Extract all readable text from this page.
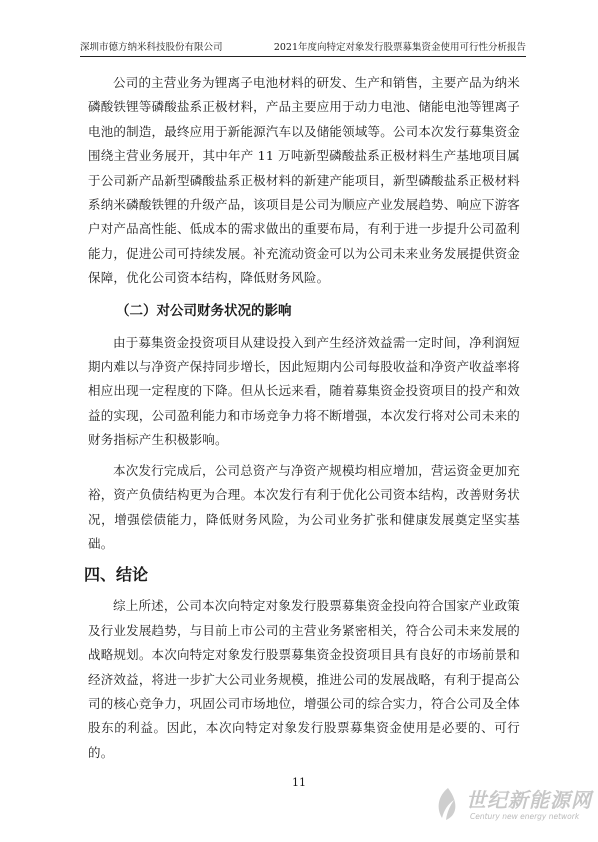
深圳市德方纳米科技股份有限公司	2021年度向特定对象发行股票募集资金使用可行性分析报告

公司的主营业务为锂离子电池材料的研发、生产和销售，主要产品为纳米磷酸铁锂等磷酸盐系正极材料，产品主要应用于动力电池、储能电池等锂离子电池的制造，最终应用于新能源汽车以及储能领域等。公司本次发行募集资金围绕主营业务展开，其中年产 11 万吨新型磷酸盐系正极材料生产基地项目属于公司新产品新型磷酸盐系正极材料的新建产能项目，新型磷酸盐系正极材料系纳米磷酸铁锂的升级产品，该项目是公司为顺应产业发展趋势、响应下游客户对产品高性能、低成本的需求做出的重要布局，有利于进一步提升公司盈利能力，促进公司可持续发展。补充流动资金可以为公司未来业务发展提供资金保障，优化公司资本结构，降低财务风险。

（二）对公司财务状况的影响

由于募集资金投资项目从建设投入到产生经济效益需一定时间，净利润短期内难以与净资产保持同步增长，因此短期内公司每股收益和净资产收益率将相应出现一定程度的下降。但从长远来看，随着募集资金投资项目的投产和效益的实现，公司盈利能力和市场竞争力将不断增强，本次发行将对公司未来的财务指标产生积极影响。

本次发行完成后，公司总资产与净资产规模均相应增加，营运资金更加充裕，资产负债结构更为合理。本次发行有利于优化公司资本结构，改善财务状况，增强偿债能力，降低财务风险，为公司业务扩张和健康发展奠定坚实基础。

四、结论

综上所述，公司本次向特定对象发行股票募集资金投向符合国家产业政策及行业发展趋势，与目前上市公司的主营业务紧密相关，符合公司未来发展的战略规划。本次向特定对象发行股票募集资金投资项目具有良好的市场前景和经济效益，将进一步扩大公司业务规模，推进公司的发展战略，有利于提高公司的核心竞争力，巩固公司市场地位，增强公司的综合实力，符合公司及全体股东的利益。因此，本次向特定对象发行股票募集资金使用是必要的、可行的。

11
世纪新能源网
Century new energy network
